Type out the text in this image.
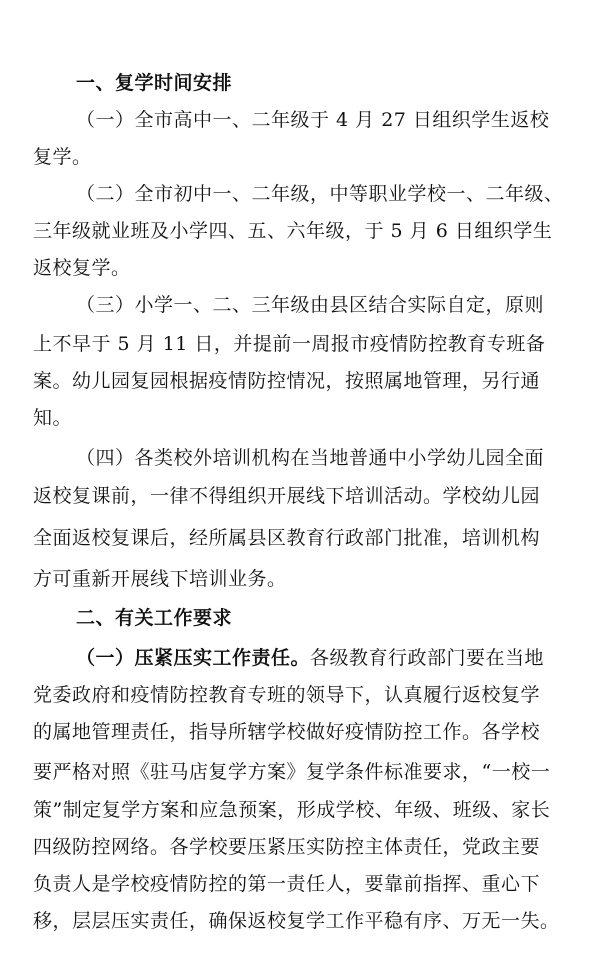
一、复学时间安排
（一）全市高中一、二年级于 4 月 27 日组织学生返校
复学。
（二）全市初中一、二年级，中等职业学校一、二年级、
三年级就业班及小学四、五、六年级，于 5 月 6 日组织学生
返校复学。
（三）小学一、二、三年级由县区结合实际自定，原则
上不早于 5 月 11 日，并提前一周报市疫情防控教育专班备
案。幼儿园复园根据疫情防控情况，按照属地管理，另行通
知。
（四）各类校外培训机构在当地普通中小学幼儿园全面
返校复课前，一律不得组织开展线下培训活动。学校幼儿园
全面返校复课后，经所属县区教育行政部门批准，培训机构
方可重新开展线下培训业务。
二、有关工作要求
（一）压紧压实工作责任。各级教育行政部门要在当地
党委政府和疫情防控教育专班的领导下，认真履行返校复学
的属地管理责任，指导所辖学校做好疫情防控工作。各学校
要严格对照《驻马店复学方案》复学条件标准要求，“一校一
策”制定复学方案和应急预案，形成学校、年级、班级、家长
四级防控网络。各学校要压紧压实防控主体责任，党政主要
负责人是学校疫情防控的第一责任人，要靠前指挥、重心下
移，层层压实责任，确保返校复学工作平稳有序、万无一失。
